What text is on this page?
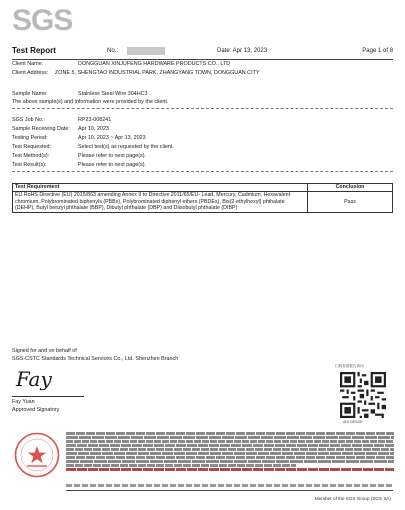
SGS
Test Report	No.:	Date: Apr 13, 2023	Page 1 of 8
Client Name:	DONGGUAN XINJUFENG HARDWARE PRODUCTS CO., LTD
Client Address: ZONE 5, SHENGTAO INDUSTRIAL PARK, ZHANGYANG TOWN, DONGGUAN CITY
Sample Name:	Stainless Steel Wire 304HC3
The above sample(s) and information were provided by the client.
SGS Job No.:	RP23-008241
Sample Receiving Date: Apr 10, 2023
Testing Period:	Apr 10, 2023 ~ Apr 13, 2023
Test Requested:	Select test(s) as requested by the client.
Test Method(s):	Please refer to next page(s).
Test Result(s):	Please refer to next page(s).
Test Requirement	Conclusion
EU RoHS Directive (EU) 2015/863 amending Annex II to Directive 2011/65/EU- Lead, Mercury, Cadmium, Hexavalent chromium, Polybrominated biphenyls (PBBs), Polybrominated diphenyl ethers (PBDEs), Bis(2-ethylhexyl) phthalate (DEHP), Butyl benzyl phthalate (BBP), Dibutyl phthalate (DBP) and Diisobutyl phthalate (DIBP)	Pass
Signed for and on behalf of
SGS-CSTC Standards Technical Services Co., Ltd. Shenzhen Branch
Fay
Fay Yuan
Approved Signatory
扫码查看报告真伪
AHI DESAS
Member of the SGS Group (SGS SA)
